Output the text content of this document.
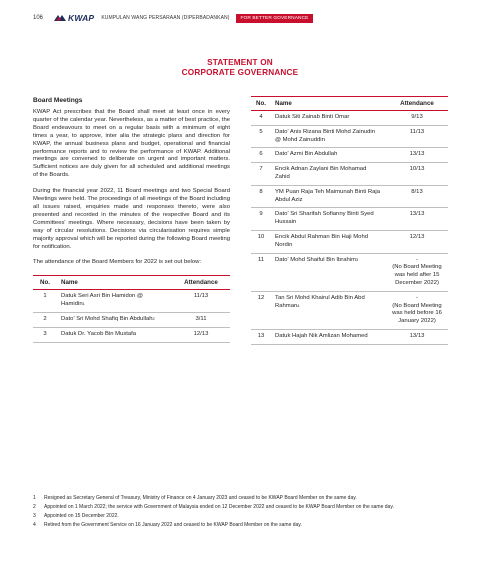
106	KWAP KUMPULAN WANG PERSARAAN (DIPERBADANKAN)	FOR BETTER GOVERNANCE
STATEMENT ON
CORPORATE GOVERNANCE
Board Meetings

KWAP Act prescribes that the Board shall meet at least once in every quarter of the calendar year. Nevertheless, as a matter of best practice, the Board endeavours to meet on a regular basis with a minimum of eight times a year, to approve, inter alia the strategic plans and direction for KWAP, the annual business plans and budget, operational and financial performance reports and to review the performance of KWAP. Additional meetings are convened to deliberate on urgent and important matters. Sufficient notices are duly given for all scheduled and additional meetings of the Boards.

During the financial year 2022, 11 Board meetings and two Special Board Meetings were held. The proceedings of all meetings of the Board including all issues raised, enquiries made and responses thereto, were also presented and recorded in the minutes of the respective Board and its Committees' meetings. Where necessary, decisions have been taken by way of circular resolutions. Decisions via circularisation requires simple majority approval which will be reported during the following Board meeting for notification.

The attendance of the Board Members for 2022 is set out below:

No.	Name	Attendance
1	Datuk Seri Asri Bin Hamidon @ Hamidin$^1$	11/13
2	Dato' Sri Mohd Shafiq Bin Abdullah$^2$	3/11
3	Datuk Dr. Yacob Bin Mustafa	12/13
No.	Name	Attendance
4	Datuk Siti Zainab Binti Omar	9/13
5	Dato' Anis Rizana Binti Mohd Zainudin @ Mohd Zainuddin	11/13
6	Dato' Azmi Bin Abdullah	13/13
7	Encik Adnan Zaylani Bin Mohamad Zahid	10/13
8	YM Puan Raja Teh Maimunah Binti Raja Abdul Aziz	8/13
9	Dato' Sri Sharifah Sofianny Binti Syed Hussain	13/13
10	Encik Abdul Rahman Bin Haji Mohd Nordin	12/13
11	Dato' Mohd Shaiful Bin Ibrahim$^3$	-
(No Board Meeting was held after 15 December 2022)
12	Tan Sri Mohd Khairul Adib Bin Abd Rahman$^4$	-
(No Board Meeting was held before 16 January 2022)
13	Datuk Hajah Nik Amlizan Mohamed	13/13
1	Resigned as Secretary General of Treasury, Ministry of Finance on 4 January 2023 and ceased to be KWAP Board Member on the same day.
2	Appointed on 1 March 2022; the service with Government of Malaysia ended on 12 December 2022 and ceased to be KWAP Board Member on the same day.
3	Appointed on 15 December 2022.
4	Retired from the Government Service on 16 January 2022 and ceased to be KWAP Board Member on the same day.
